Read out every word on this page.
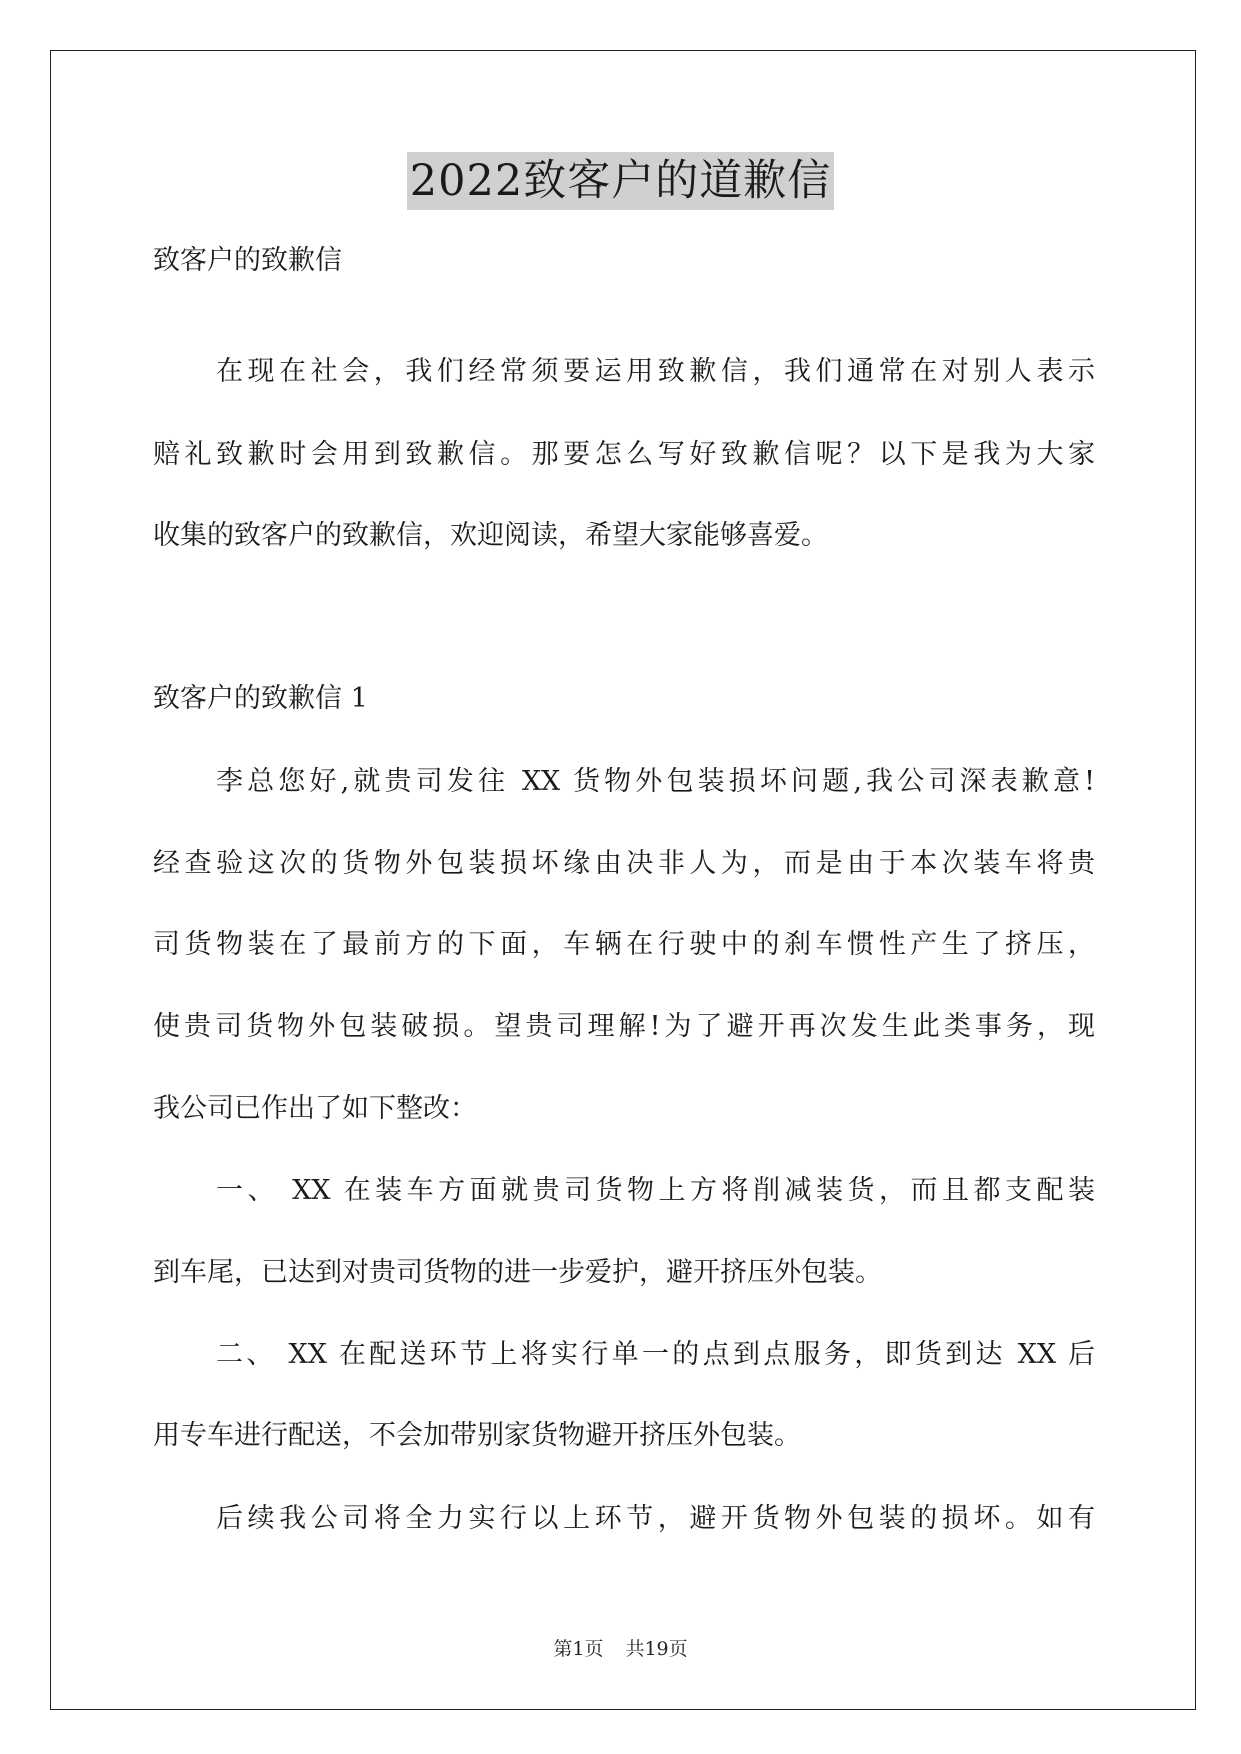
2022致客户的道歉信

致客户的致歉信

在现在社会，我们经常须要运用致歉信，我们通常在对别人表示

赔礼致歉时会用到致歉信。那要怎么写好致歉信呢？以下是我为大家

收集的致客户的致歉信，欢迎阅读，希望大家能够喜爱。

致客户的致歉信 1

李总您好,就贵司发往 XX 货物外包装损坏问题,我公司深表歉意!

经查验这次的货物外包装损坏缘由决非人为，而是由于本次装车将贵

司货物装在了最前方的下面，车辆在行驶中的刹车惯性产生了挤压，

使贵司货物外包装破损。望贵司理解!为了避开再次发生此类事务，现

我公司已作出了如下整改：

一、 XX 在装车方面就贵司货物上方将削减装货，而且都支配装

到车尾，已达到对贵司货物的进一步爱护，避开挤压外包装。

二、 XX 在配送环节上将实行单一的点到点服务，即货到达 XX 后

用专车进行配送，不会加带别家货物避开挤压外包装。

后续我公司将全力实行以上环节，避开货物外包装的损坏。如有

第1页 共19页
